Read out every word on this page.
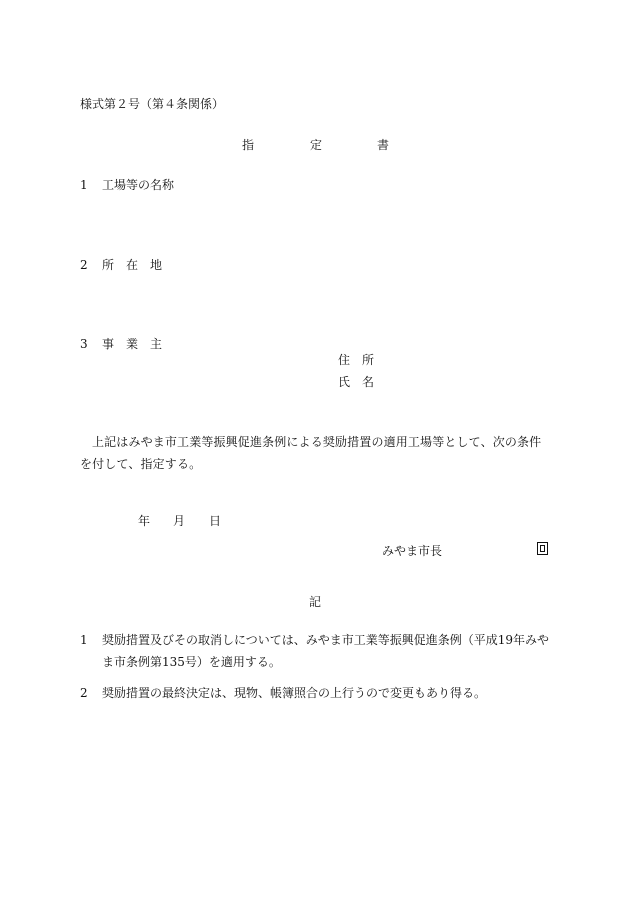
様式第２号（第４条関係）
指	定	書
1 工場等の名称
2 所 在 地
3 事 業 主
住 所
氏 名
上記はみやま市工業等振興促進条例による奨励措置の適用工場等として、次の条件を付して、指定する。
年 月 日
みやま市長
記
1	奨励措置及びその取消しについては、みやま市工業等振興促進条例（平成19年みやま市条例第135号）を適用する。
2	奨励措置の最終決定は、現物、帳簿照合の上行うので変更もあり得る。
